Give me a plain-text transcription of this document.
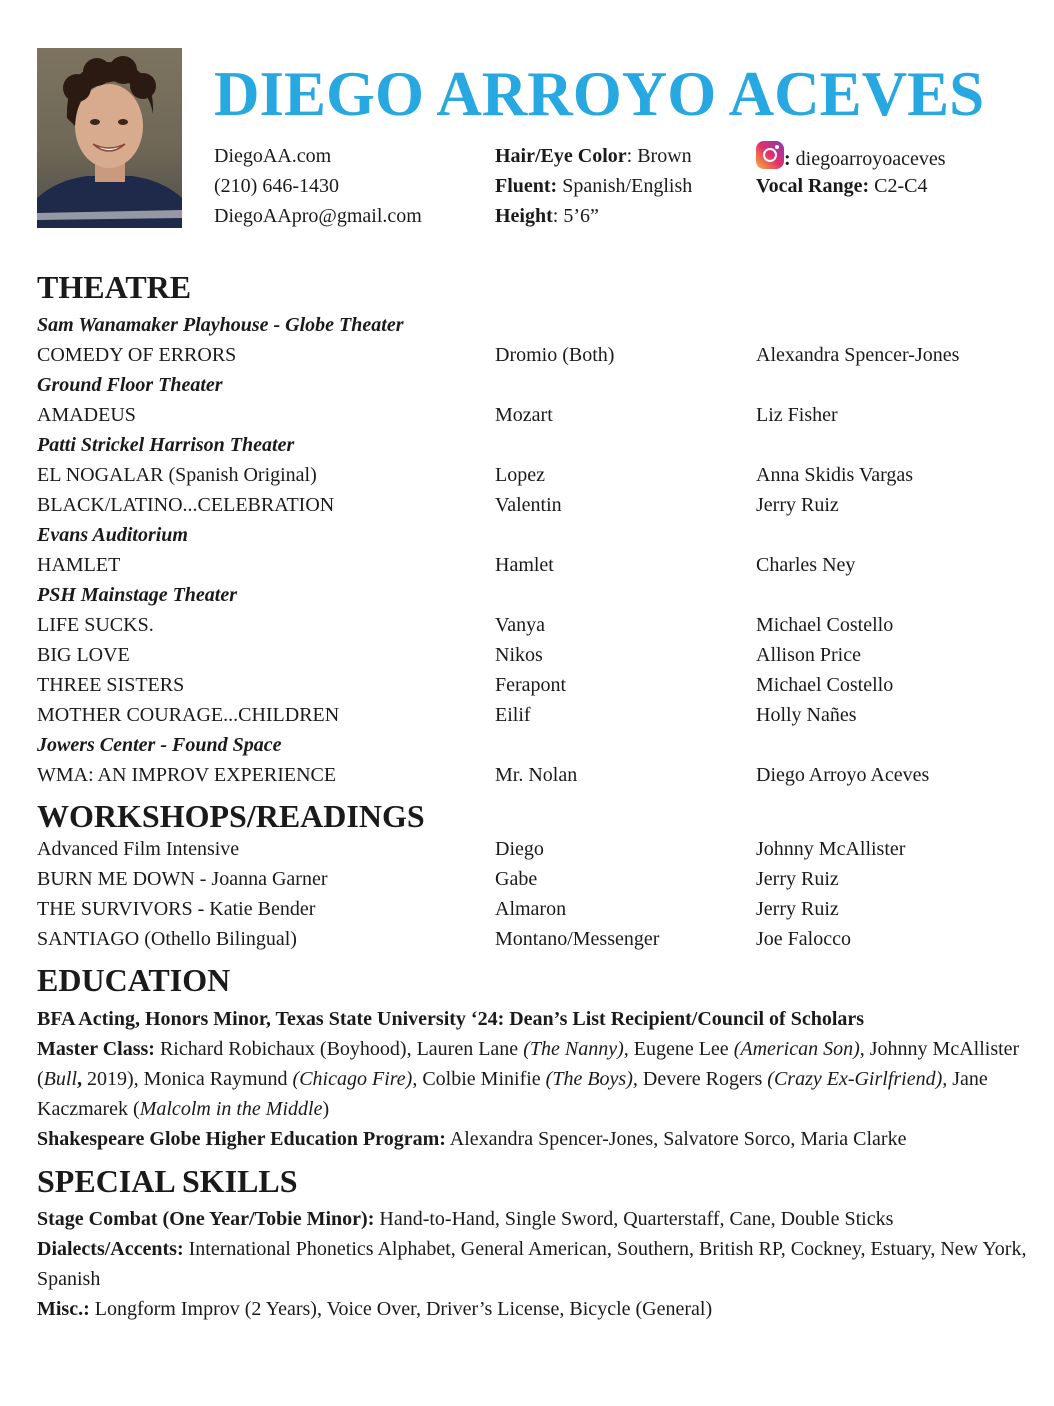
DIEGO ARROYO ACEVES
DiegoAA.com
(210) 646-1430
DiegoAApro@gmail.com
Hair/Eye Color: Brown
Fluent: Spanish/English
Height: 5’6”
: diegoarroyoaceves
Vocal Range: C2-C4
THEATRE
Sam Wanamaker Playhouse - Globe Theater
COMEDY OF ERRORS	Dromio (Both)	Alexandra Spencer-Jones
Ground Floor Theater
AMADEUS	Mozart	Liz Fisher
Patti Strickel Harrison Theater
EL NOGALAR (Spanish Original)	Lopez	Anna Skidis Vargas
BLACK/LATINO...CELEBRATION	Valentin	Jerry Ruiz
Evans Auditorium
HAMLET	Hamlet	Charles Ney
PSH Mainstage Theater
LIFE SUCKS.	Vanya	Michael Costello
BIG LOVE	Nikos	Allison Price
THREE SISTERS	Ferapont	Michael Costello
MOTHER COURAGE...CHILDREN	Eilif	Holly Nañes
Jowers Center - Found Space
WMA: AN IMPROV EXPERIENCE	Mr. Nolan	Diego Arroyo Aceves
WORKSHOPS/READINGS
Advanced Film Intensive	Diego	Johnny McAllister
BURN ME DOWN - Joanna Garner	Gabe	Jerry Ruiz
THE SURVIVORS - Katie Bender	Almaron	Jerry Ruiz
SANTIAGO (Othello Bilingual)	Montano/Messenger	Joe Falocco
EDUCATION

BFA Acting, Honors Minor, Texas State University ‘24: Dean’s List Recipient/Council of Scholars

Master Class: Richard Robichaux (Boyhood), Lauren Lane (The Nanny), Eugene Lee (American Son), Johnny McAllister (Bull, 2019), Monica Raymund (Chicago Fire), Colbie Minifie (The Boys), Devere Rogers (Crazy Ex-Girlfriend), Jane Kaczmarek (Malcolm in the Middle)

Shakespeare Globe Higher Education Program: Alexandra Spencer-Jones, Salvatore Sorco, Maria Clarke

SPECIAL SKILLS

Stage Combat (One Year/Tobie Minor): Hand-to-Hand, Single Sword, Quarterstaff, Cane, Double Sticks

Dialects/Accents: International Phonetics Alphabet, General American, Southern, British RP, Cockney, Estuary, New York, Spanish

Misc.: Longform Improv (2 Years), Voice Over, Driver’s License, Bicycle (General)
